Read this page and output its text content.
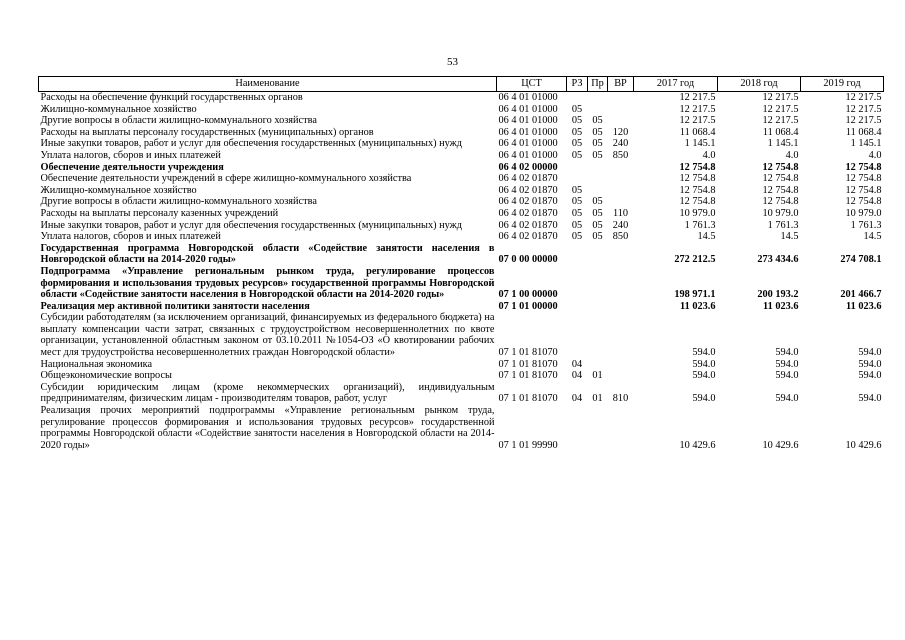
53
Наименование	ЦСТ	РЗ	Пр	ВР	2017 год	2018 год	2019 год
Расходы на обеспечение функций государственных органов	06 4 01 01000				12 217.5	12 217.5	12 217.5
Жилищно-коммунальное хозяйство	06 4 01 01000	05			12 217.5	12 217.5	12 217.5
Другие вопросы в области жилищно-коммунального хозяйства	06 4 01 01000	05	05		12 217.5	12 217.5	12 217.5
Расходы на выплаты персоналу государственных (муниципальных) органов	06 4 01 01000	05	05	120	11 068.4	11 068.4	11 068.4
Иные закупки товаров, работ и услуг для обеспечения государственных (муниципальных) нужд	06 4 01 01000	05	05	240	1 145.1	1 145.1	1 145.1
Уплата налогов, сборов и иных платежей	06 4 01 01000	05	05	850	4.0	4.0	4.0
Обеспечение деятельности учреждения	06 4 02 00000				12 754.8	12 754.8	12 754.8
Обеспечение деятельности учреждений в сфере жилищно-коммунального хозяйства	06 4 02 01870				12 754.8	12 754.8	12 754.8
Жилищно-коммунальное хозяйство	06 4 02 01870	05			12 754.8	12 754.8	12 754.8
Другие вопросы в области жилищно-коммунального хозяйства	06 4 02 01870	05	05		12 754.8	12 754.8	12 754.8
Расходы на выплаты персоналу казенных учреждений	06 4 02 01870	05	05	110	10 979.0	10 979.0	10 979.0
Иные закупки товаров, работ и услуг для обеспечения государственных (муниципальных) нужд	06 4 02 01870	05	05	240	1 761.3	1 761.3	1 761.3
Уплата налогов, сборов и иных платежей	06 4 02 01870	05	05	850	14.5	14.5	14.5
Государственная программа Новгородской области «Содействие занятости населения в Новгородской области на 2014-2020 годы»	07 0 00 00000				272 212.5	273 434.6	274 708.1
Подпрограмма «Управление региональным рынком труда, регулирование процессов формирования и использования трудовых ресурсов» государственной программы Новгородской области «Содействие занятости населения в Новгородской области на 2014-2020 годы»	07 1 00 00000				198 971.1	200 193.2	201 466.7
Реализация мер активной политики занятости населения	07 1 01 00000				11 023.6	11 023.6	11 023.6
Субсидии работодателям (за исключением организаций, финансируемых из федерального бюджета) на выплату компенсации части затрат, связанных с трудоустройством несовершеннолетних по квоте организации, установленной областным законом от 03.10.2011 №1054-ОЗ «О квотировании рабочих мест для трудоустройства несовершеннолетних граждан Новгородской области»	07 1 01 81070				594.0	594.0	594.0
Национальная экономика	07 1 01 81070	04			594.0	594.0	594.0
Общеэкономические вопросы	07 1 01 81070	04	01		594.0	594.0	594.0
Субсидии юридическим лицам (кроме некоммерческих организаций), индивидуальным предпринимателям, физическим лицам - производителям товаров, работ, услуг	07 1 01 81070	04	01	810	594.0	594.0	594.0
Реализация прочих мероприятий подпрограммы «Управление региональным рынком труда, регулирование процессов формирования и использования трудовых ресурсов» государственной программы Новгородской области «Содействие занятости населения в Новгородской области на 2014-2020 годы»	07 1 01 99990				10 429.6	10 429.6	10 429.6
